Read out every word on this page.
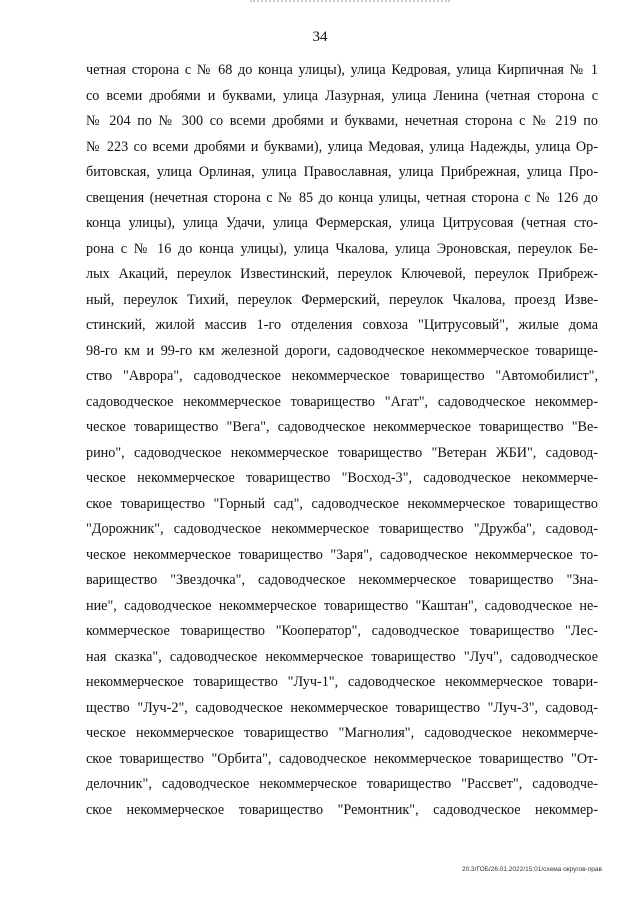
34
четная сторона с № 68 до конца улицы), улица Кедровая, улица Кирпичная № 1
со всеми дробями и буквами, улица Лазурная, улица Ленина (четная сторона с
№ 204 по № 300 со всеми дробями и буквами, нечетная сторона с № 219 по
№ 223 со всеми дробями и буквами), улица Медовая, улица Надежды, улица Ор-
битовская, улица Орлиная, улица Православная, улица Прибрежная, улица Про-
свещения (нечетная сторона с № 85 до конца улицы, четная сторона с № 126 до
конца улицы), улица Удачи, улица Фермерская, улица Цитрусовая (четная сто-
рона с № 16 до конца улицы), улица Чкалова, улица Эроновская, переулок Бе-
лых Акаций, переулок Известинский, переулок Ключевой, переулок Прибреж-
ный, переулок Тихий, переулок Фермерский, переулок Чкалова, проезд Изве-
стинский, жилой массив 1-го отделения совхоза "Цитрусовый", жилые дома
98-го км и 99-го км железной дороги, садоводческое некоммерческое товарище-
ство "Аврора", садоводческое некоммерческое товарищество "Автомобилист",
садоводческое некоммерческое товарищество "Агат", садоводческое некоммер-
ческое товарищество "Вега", садоводческое некоммерческое товарищество "Ве-
рино", садоводческое некоммерческое товарищество "Ветеран ЖБИ", садовод-
ческое некоммерческое товарищество "Восход-3", садоводческое некоммерче-
ское товарищество "Горный сад", садоводческое некоммерческое товарищество
"Дорожник", садоводческое некоммерческое товарищество "Дружба", садовод-
ческое некоммерческое товарищество "Заря", садоводческое некоммерческое то-
варищество "Звездочка", садоводческое некоммерческое товарищество "Зна-
ние", садоводческое некоммерческое товарищество "Каштан", садоводческое не-
коммерческое товарищество "Кооператор", садоводческое товарищество "Лес-
ная сказка", садоводческое некоммерческое товарищество "Луч", садоводческое
некоммерческое товарищество "Луч-1", садоводческое некоммерческое товари-
щество "Луч-2", садоводческое некоммерческое товарищество "Луч-3", садовод-
ческое некоммерческое товарищество "Магнолия", садоводческое некоммерче-
ское товарищество "Орбита", садоводческое некоммерческое товарищество "От-
делочник", садоводческое некоммерческое товарищество "Рассвет", садоводче-
ское некоммерческое товарищество "Ремонтник", садоводческое некоммер-
20.3/ГОБ/26.01.2022/15:01/схема округов-прав
